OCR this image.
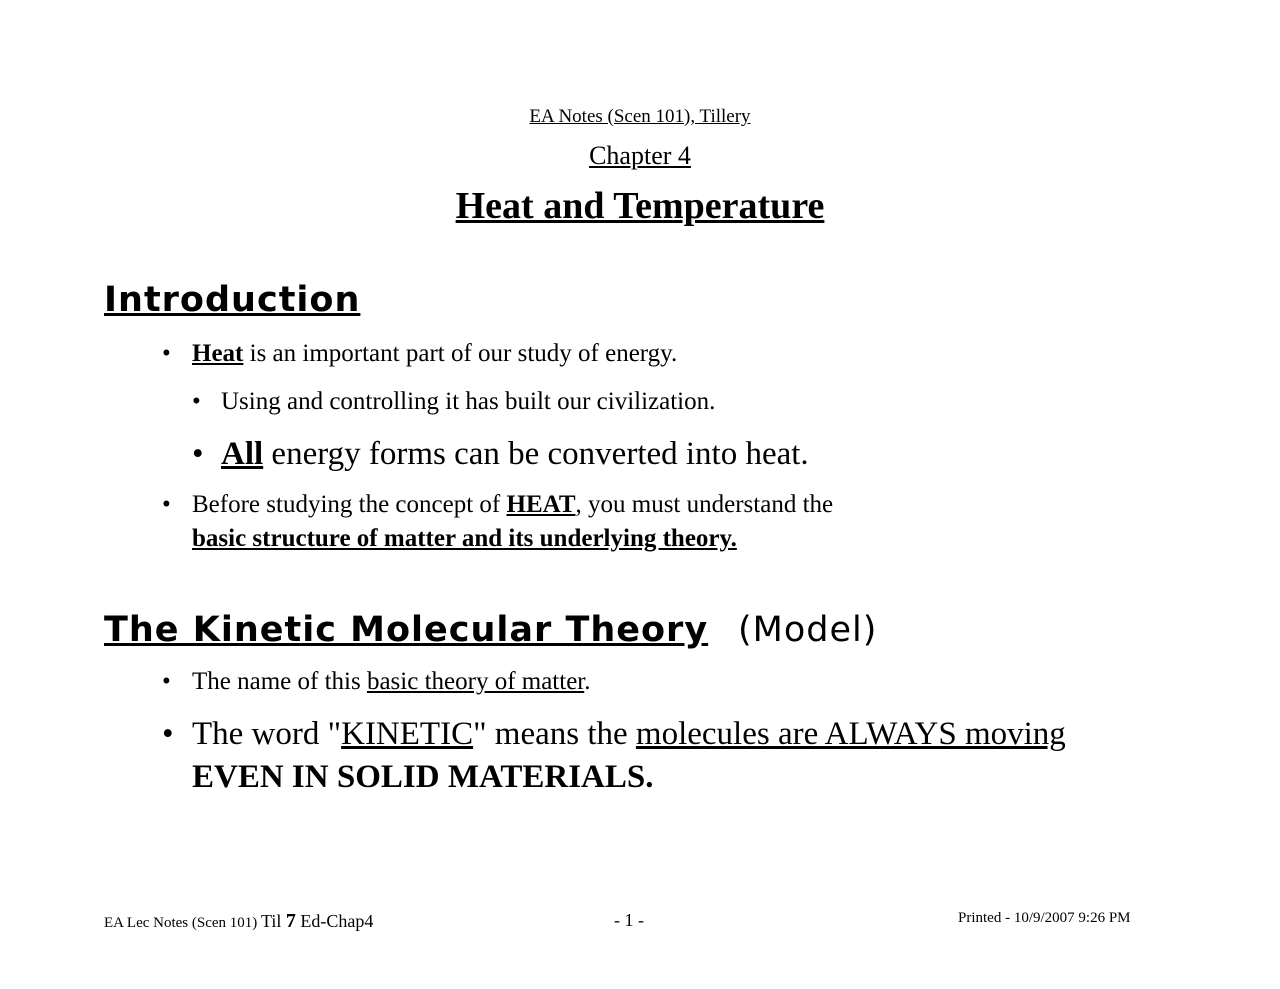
EA Notes (Scen 101), Tillery
Chapter 4
Heat and Temperature
Introduction
• Heat is an important part of our study of energy.
• Using and controlling it has built our civilization.
• All energy forms can be converted into heat.
• Before studying the concept of HEAT, you must understand the
basic structure of matter and its underlying theory.
The Kinetic Molecular Theory (Model)
• The name of this basic theory of matter.
• The word "KINETIC" means the molecules are ALWAYS moving
EVEN IN SOLID MATERIALS.
EA Lec Notes (Scen 101) Til 7 Ed-Chap4	- 1 -	Printed - 10/9/2007 9:26 PM
